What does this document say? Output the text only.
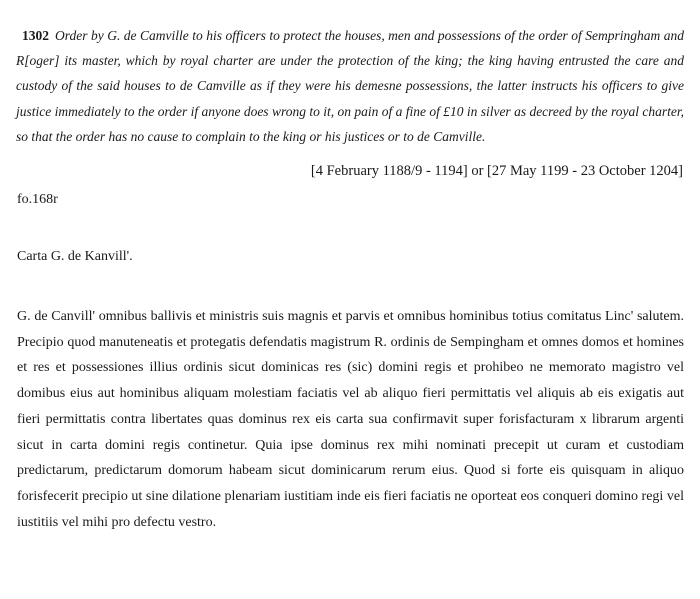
1302 Order by G. de Camville to his officers to protect the houses, men and possessions of the order of Sempringham and R[oger] its master, which by royal charter are under the protection of the king; the king having entrusted the care and custody of the said houses to de Camville as if they were his demesne possessions, the latter instructs his officers to give justice immediately to the order if anyone does wrong to it, on pain of a fine of £10 in silver as decreed by the royal charter, so that the order has no cause to complain to the king or his justices or to de Camville.
[4 February 1188/9 - 1194] or [27 May 1199 - 23 October 1204]
fo.168r
Carta G. de Kanvill'.
G. de Canvill' omnibus ballivis et ministris suis magnis et parvis et omnibus hominibus totius comitatus Linc' salutem. Precipio quod manuteneatis et protegatis defendatis magistrum R. ordinis de Sempingham et omnes domos et homines et res et possessiones illius ordinis sicut dominicas res (sic) domini regis et prohibeo ne memorato magistro vel domibus eius aut hominibus aliquam molestiam faciatis vel ab aliquo fieri permittatis vel aliquis ab eis exigatis aut fieri permittatis contra libertates quas dominus rex eis carta sua confirmavit super forisfacturam x librarum argenti sicut in carta domini regis continetur. Quia ipse dominus rex mihi nominati precepit ut curam et custodiam predictarum, predictarum domorum habeam sicut dominicarum rerum eius. Quod si forte eis quisquam in aliquo forisfecerit precipio ut sine dilatione plenariam iustitiam inde eis fieri faciatis ne oporteat eos conqueri domino regi vel iustitiis vel mihi pro defectu vestro.
